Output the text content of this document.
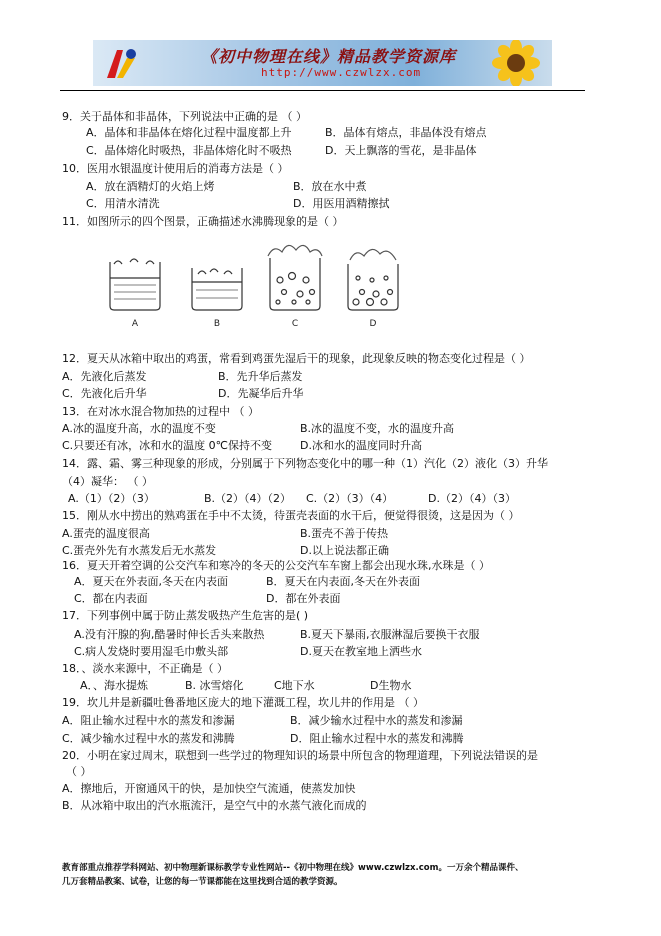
《初中物理在线》精品教学资源库
http://www.czwlzx.com
9．关于晶体和非晶体，下列说法中正确的是 （ ）
A．晶体和非晶体在熔化过程中温度都上升	B．晶体有熔点，非晶体没有熔点
C．晶体熔化时吸热，非晶体熔化时不吸热	D．天上飘落的雪花，是非晶体
10．医用水银温度计使用后的消毒方法是（ ）
A．放在酒精灯的火焰上烤	B．放在水中煮
C．用清水清洗	D．用医用酒精擦拭
11．如图所示的四个图景，正确描述水沸腾现象的是（ ）
12．夏天从冰箱中取出的鸡蛋，常看到鸡蛋先湿后干的现象，此现象反映的物态变化过程是（ ）
A．先液化后蒸发	B．先升华后蒸发
C．先液化后升华	D．先凝华后升华
13．在对冰水混合物加热的过程中 （ ）
A.冰的温度升高，水的温度不变	B.冰的温度不变，水的温度升高
C.只要还有冰，冰和水的温度 0℃保持不变	D.冰和水的温度同时升高
14．露、霜、雾三种现象的形成，分别属于下列物态变化中的哪一种（1）汽化（2）液化（3）升华
（4）凝华： （ ）
A.（1）（2）（3）	B.（2）（4）（2） C.（2）（3）（4）	D.（2）（4）（3）
15．刚从水中捞出的熟鸡蛋在手中不太烫，待蛋壳表面的水干后，便觉得很烫，这是因为（ ）
A.蛋壳的温度很高	B.蛋壳不善于传热
C.蛋壳外先有水蒸发后无水蒸发	D.以上说法都正确
16．夏天开着空调的公交汽车和寒冷的冬天的公交汽车车窗上都会出现水珠,水珠是（ ）
A．夏天在外表面,冬天在内表面	B．夏天在内表面,冬天在外表面
C．都在内表面	D．都在外表面
17．下列事例中属于防止蒸发吸热产生危害的是( )
A.没有汗腺的狗,酷暑时伸长舌头来散热	B.夏天下暴雨,衣服淋湿后要换干衣服
C.病人发烧时要用湿毛巾敷头部	D.夏天在教室地上洒些水
18．、淡水来源中，不正确是（ ）
A．、海水提炼	B. 冰雪熔化	C地下水	D生物水
19．坎儿井是新疆吐鲁番地区庞大的地下灌溉工程，坎儿井的作用是 （ ）
A．阻止输水过程中水的蒸发和渗漏	B．减少输水过程中水的蒸发和渗漏
C．减少输水过程中水的蒸发和沸腾	D．阻止输水过程中水的蒸发和沸腾
20．小明在家过周末，联想到一些学过的物理知识的场景中所包含的物理道理，下列说法错误的是
（ ）
A．擦地后，开窗通风干的快，是加快空气流通，使蒸发加快
B．从冰箱中取出的汽水瓶流汗，是空气中的水蒸气液化而成的
A	B	C	D
教育部重点推荐学科网站、初中物理新课标教学专业性网站--《初中物理在线》www.czwlzx.com。一万余个精品课件、
几万套精品教案、试卷，让您的每一节课都能在这里找到合适的教学资源。
